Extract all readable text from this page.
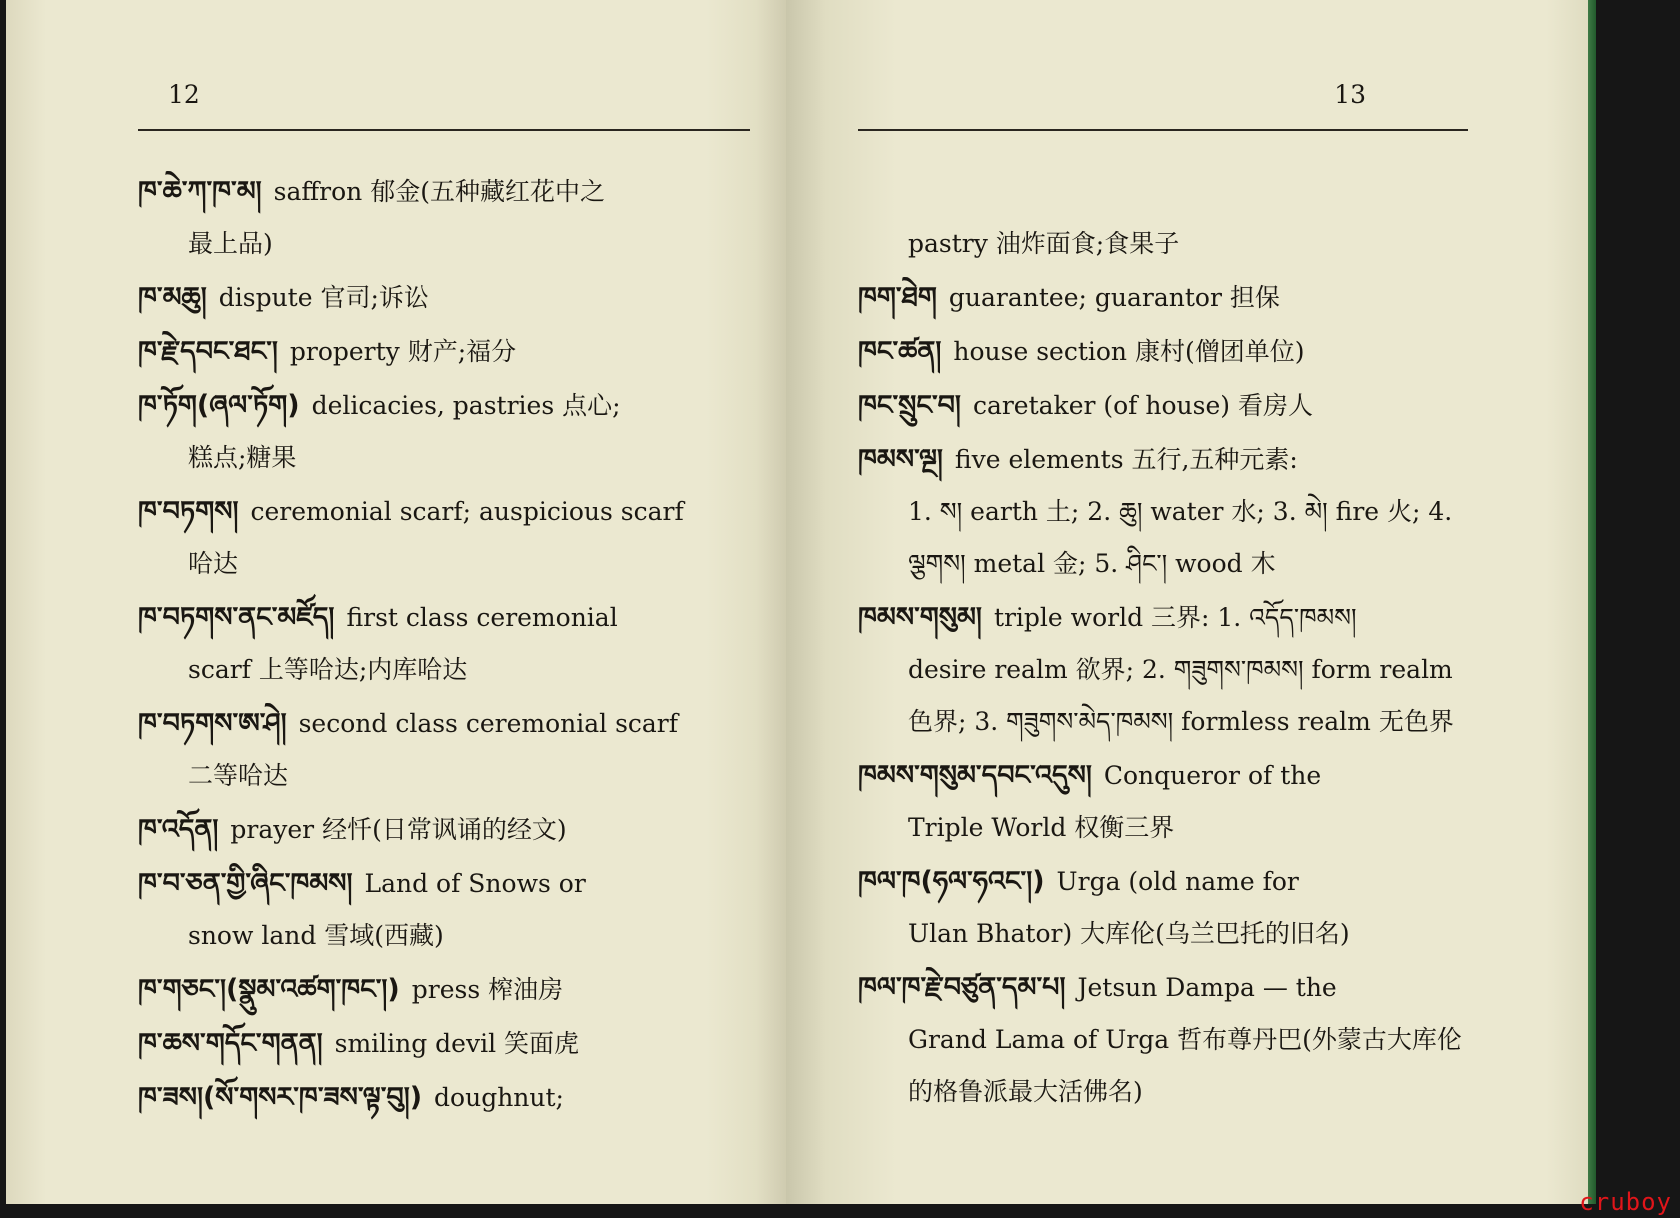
12
ཁ་ཆེ་ཀ་ཁ་མ། saffron 郁金(五种藏红花中之
最上品)
ཁ་མཆུ། dispute 官司;诉讼
ཁ་རྗེ་དབང་ཐང་། property 财产;福分
ཁ་ཏོག(ཞལ་ཏོག) delicacies, pastries 点心;
糕点;糖果
ཁ་བཏགས། ceremonial scarf; auspicious scarf
哈达
ཁ་བཏགས་ནང་མཛོད། first class ceremonial
scarf 上等哈达;内库哈达
ཁ་བཏགས་ཨ་ཤེ། second class ceremonial scarf
二等哈达
ཁ་འདོན། prayer 经忏(日常讽诵的经文)
ཁ་བ་ཅན་གྱི་ཞིང་ཁམས། Land of Snows or
snow land 雪域(西藏)
ཁ་གཅང་།(སྣུམ་འཚག་ཁང་།) press 榨油房
ཁ་ཆས་གདོང་གནན། smiling devil 笑面虎
ཁ་ཟས།(སོ་གསར་ཁ་ཟས་ལྟ་བུ།) doughnut;
13
pastry 油炸面食;食果子
ཁག་ཐེག guarantee; guarantor 担保
ཁང་ཚན། house section 康村(僧团单位)
ཁང་སྲུང་བ། caretaker (of house) 看房人
ཁམས་ལྔ། five elements 五行,五种元素:
1. ས། earth 土; 2. ཆུ། water 水; 3. མེ། fire 火; 4. ལྕགས། metal 金; 5. ཤིང་། wood 木
ཁམས་གསུམ། triple world 三界: 1. འདོད་ཁམས།
desire realm 欲界; 2. གཟུགས་ཁམས། form realm 色界; 3. གཟུགས་མེད་ཁམས། formless realm 无色界
ཁམས་གསུམ་དབང་འདུས། Conqueror of the
Triple World 权衡三界
ཁལ་ཁ(ཧལ་ཧའང་།) Urga (old name for
Ulan Bhator) 大库伦(乌兰巴托的旧名)
ཁལ་ཁ་རྗེ་བཙུན་དམ་པ། Jetsun Dampa — the
Grand Lama of Urga 哲布尊丹巴(外蒙古大库伦的格鲁派最大活佛名)
cruboy
